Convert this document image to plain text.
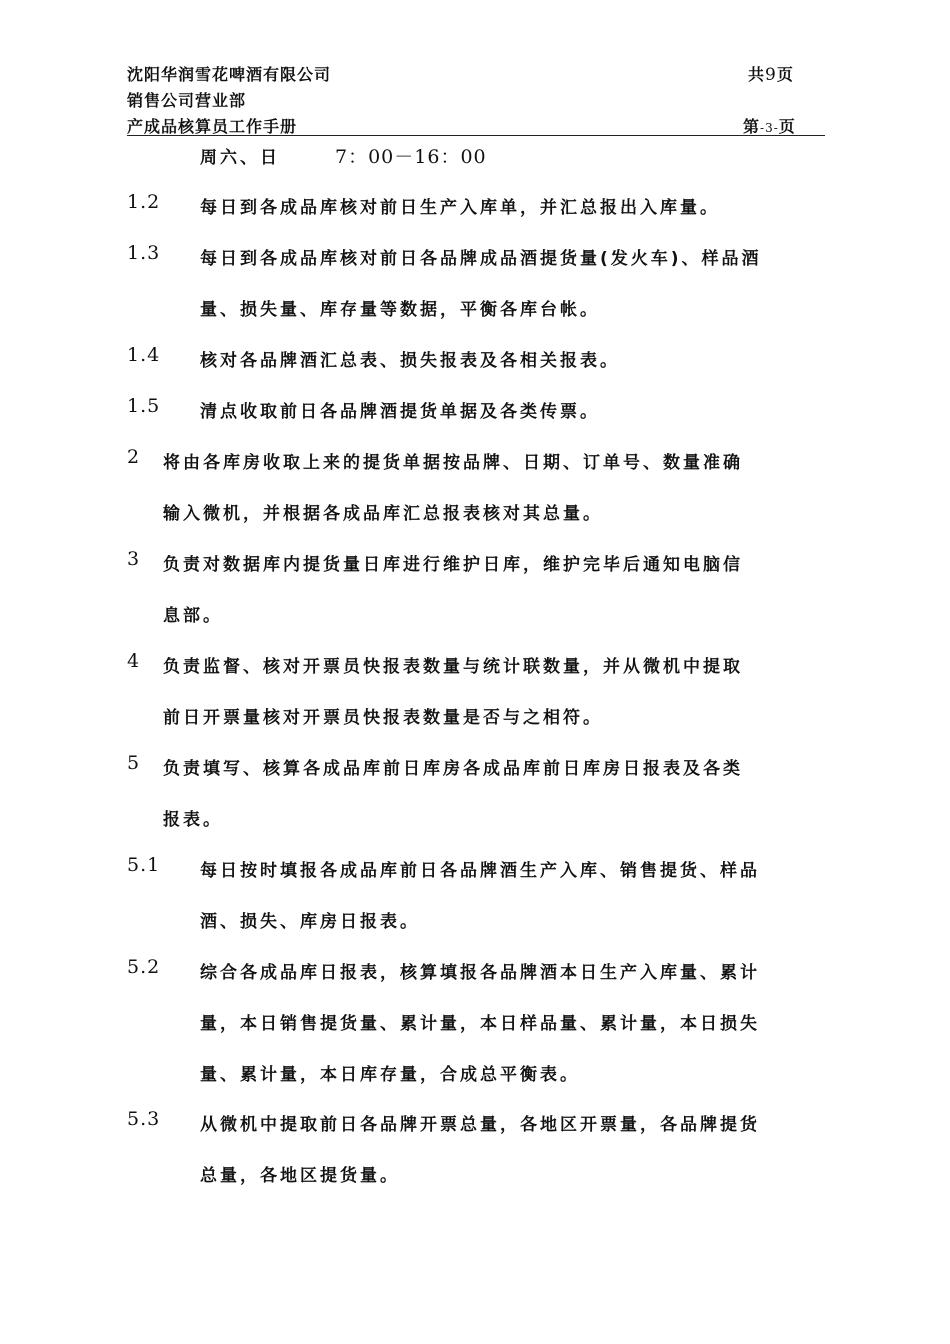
沈阳华润雪花啤酒有限公司
销售公司营业部
产成品核算员工作手册
共9页
第-3-页
周六、日	7：00－16：00
1.2 每日到各成品库核对前日生产入库单，并汇总报出入库量。
1.3 每日到各成品库核对前日各品牌成品酒提货量(发火车)、样品酒
量、损失量、库存量等数据，平衡各库台帐。
1.4 核对各品牌酒汇总表、损失报表及各相关报表。
1.5 清点收取前日各品牌酒提货单据及各类传票。
2 将由各库房收取上来的提货单据按品牌、日期、订单号、数量准确
输入微机，并根据各成品库汇总报表核对其总量。
3 负责对数据库内提货量日库进行维护日库，维护完毕后通知电脑信
息部。
4 负责监督、核对开票员快报表数量与统计联数量，并从微机中提取
前日开票量核对开票员快报表数量是否与之相符。
5 负责填写、核算各成品库前日库房各成品库前日库房日报表及各类
报表。
5.1 每日按时填报各成品库前日各品牌酒生产入库、销售提货、样品
酒、损失、库房日报表。
5.2 综合各成品库日报表，核算填报各品牌酒本日生产入库量、累计
量，本日销售提货量、累计量，本日样品量、累计量，本日损失
量、累计量，本日库存量，合成总平衡表。
5.3 从微机中提取前日各品牌开票总量，各地区开票量，各品牌提货
总量，各地区提货量。
